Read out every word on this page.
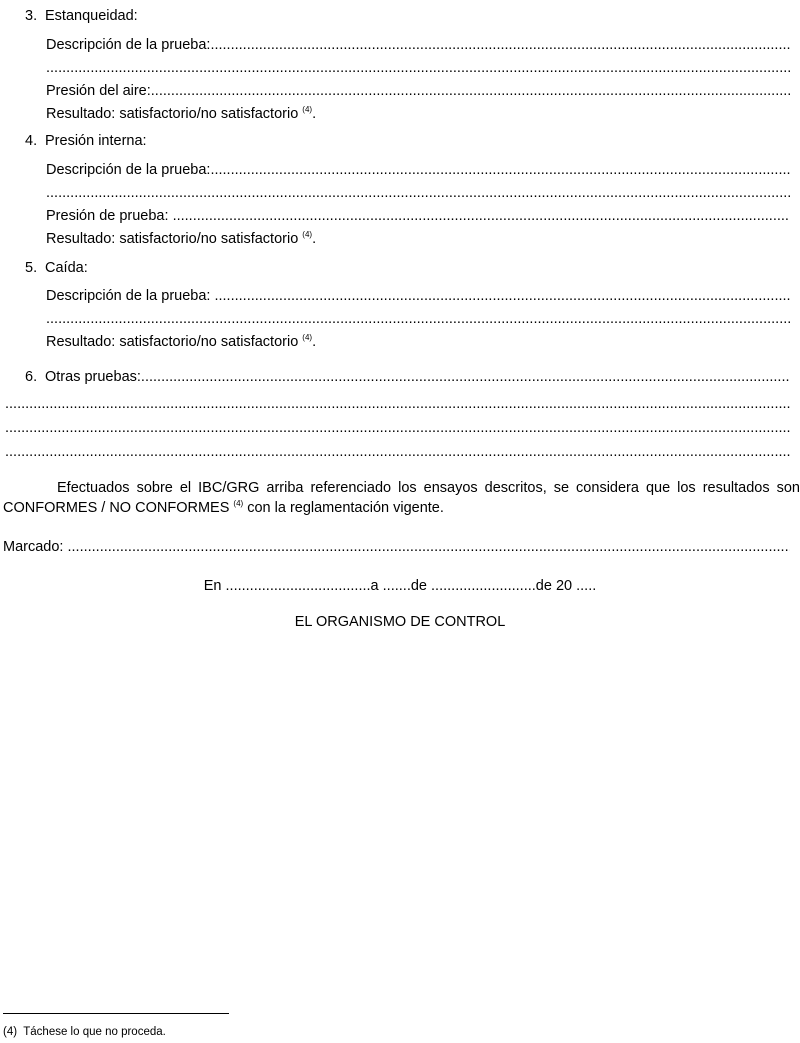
3. Estanqueidad:
Descripción de la prueba:
.....
.....
Presión del aire:
.....
Resultado: satisfactorio/no satisfactorio $^{(4)}$.
4. Presión interna:
Descripción de la prueba:
.....
.....
Presión de prueba:
.....
Resultado: satisfactorio/no satisfactorio $^{(4)}$.
5. Caída:
Descripción de la prueba:
.....
.....
Resultado: satisfactorio/no satisfactorio $^{(4)}$.
6. Otras pruebas:
.....
.....
.....
.....
Efectuados sobre el IBC/GRG arriba referenciado los ensayos descritos, se considera que los resultados son CONFORMES / NO CONFORMES $^{(4)}$ con la reglamentación vigente.
Marcado:
.....
En ....................................a .......de ..........................de 20 .....
EL ORGANISMO DE CONTROL
(4) Táchese lo que no proceda.
